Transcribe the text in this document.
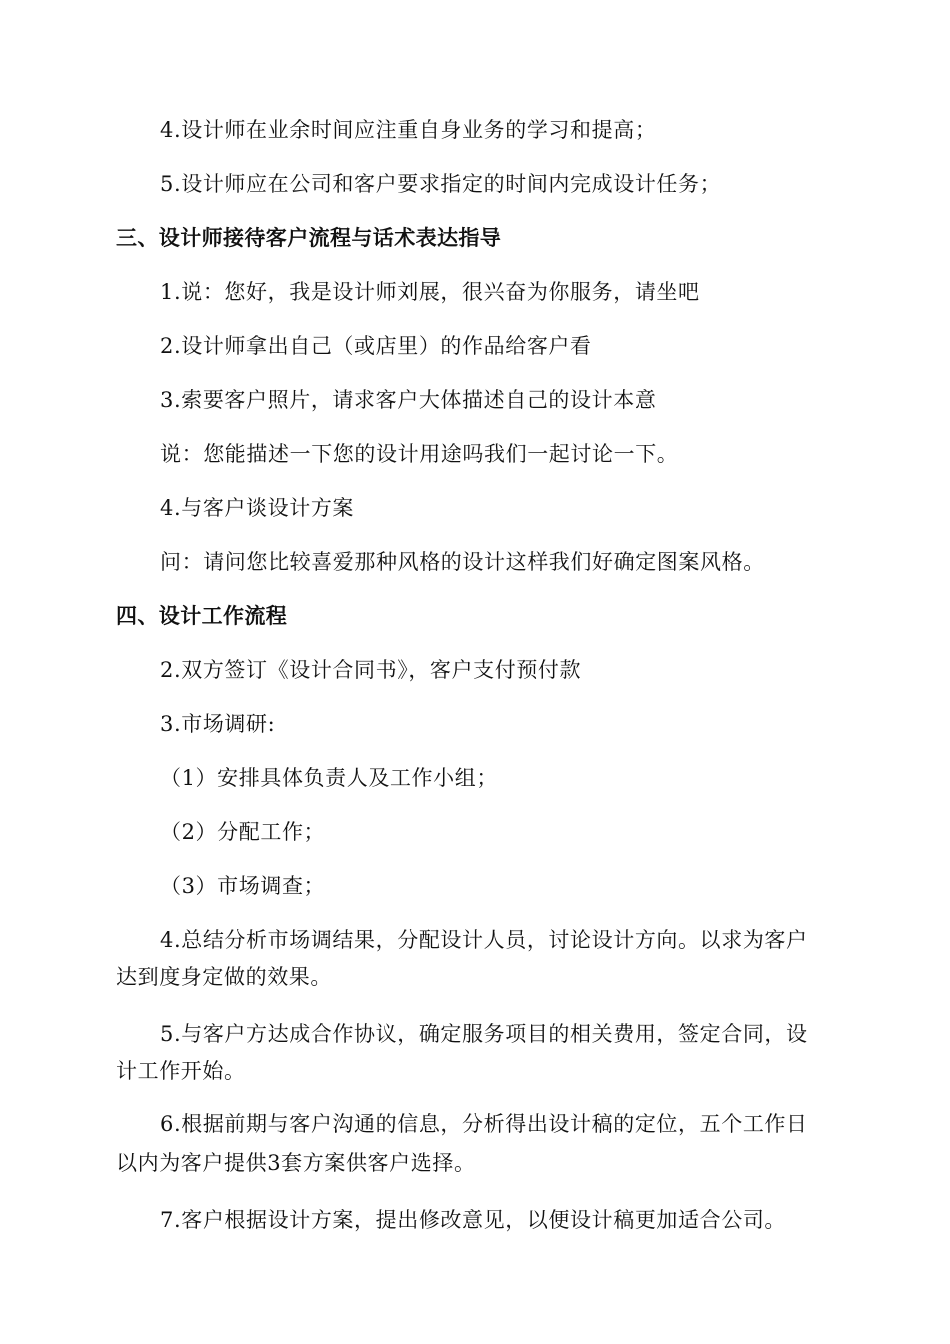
4.设计师在业余时间应注重自身业务的学习和提高；
5.设计师应在公司和客户要求指定的时间内完成设计任务；
三、设计师接待客户流程与话术表达指导
1.说：您好，我是设计师刘展，很兴奋为你服务，请坐吧
2.设计师拿出自己（或店里）的作品给客户看
3.索要客户照片，请求客户大体描述自己的设计本意
说：您能描述一下您的设计用途吗我们一起讨论一下。
4.与客户谈设计方案
问：请问您比较喜爱那种风格的设计这样我们好确定图案风格。
四、设计工作流程
2.双方签订《设计合同书》，客户支付预付款
3.市场调研:
（1）安排具体负责人及工作小组；
（2）分配工作；
（3）市场调查；
4.总结分析市场调结果，分配设计人员，讨论设计方向。以求为客户
达到度身定做的效果。
5.与客户方达成合作协议，确定服务项目的相关费用，签定合同，设
计工作开始。
6.根据前期与客户沟通的信息，分析得出设计稿的定位，五个工作日
以内为客户提供3套方案供客户选择。
7.客户根据设计方案，提出修改意见，以便设计稿更加适合公司。
